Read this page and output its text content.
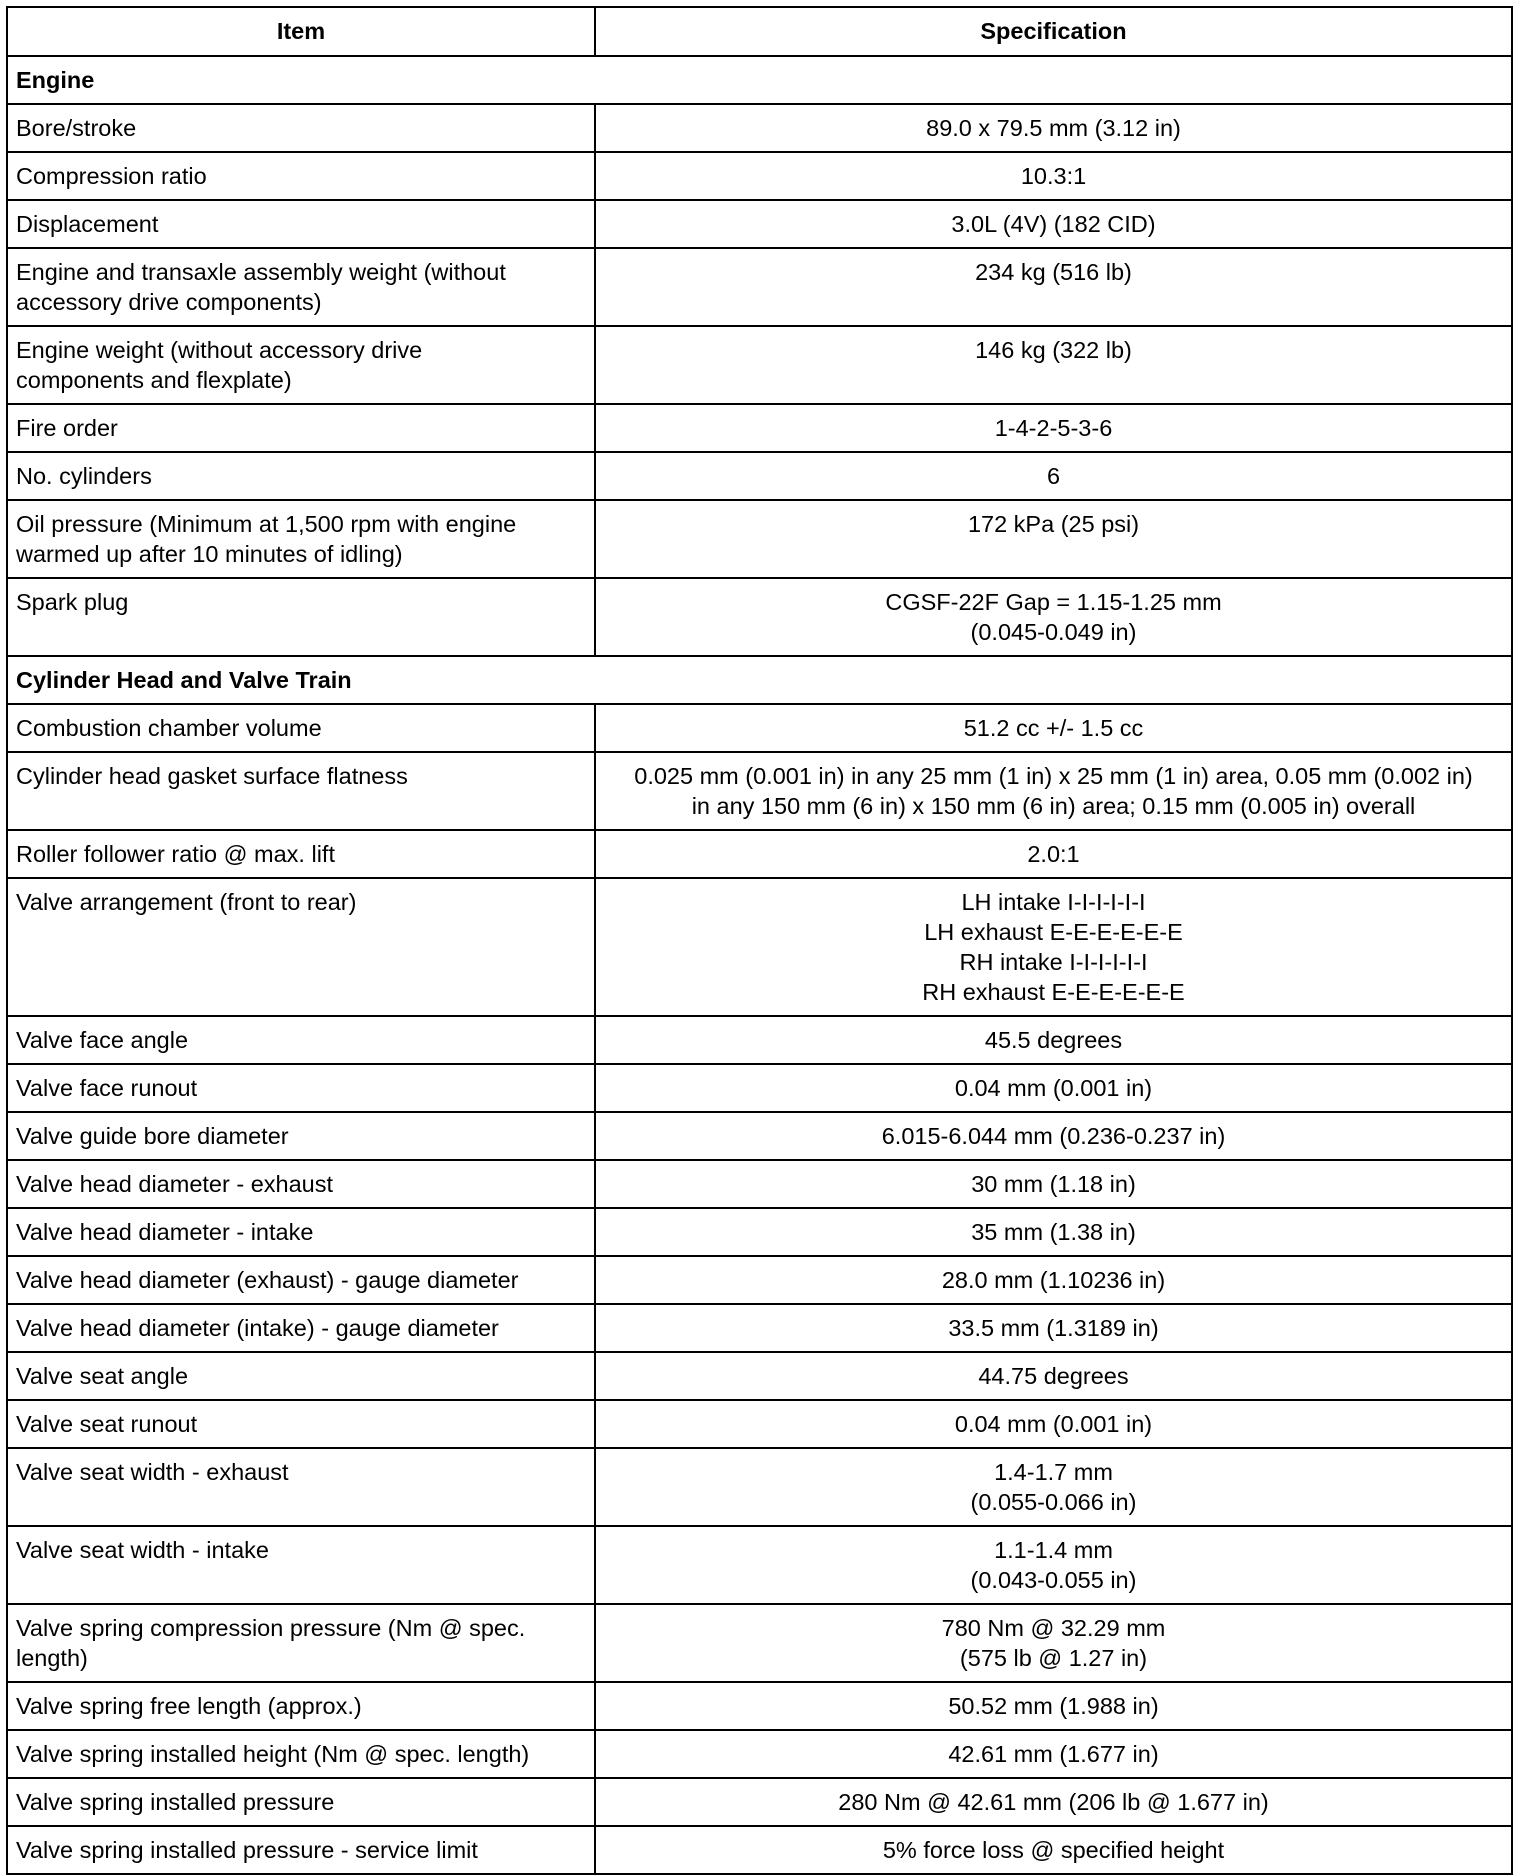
Item	Specification
Engine	

Bore/stroke	89.0 x 79.5 mm (3.12 in)

Compression ratio	10.3:1

Displacement	3.0L (4V) (182 CID)

Engine and transaxle assembly weight (without
accessory drive components)	234 kg (516 lb)

Engine weight (without accessory drive
components and flexplate)	146 kg (322 lb)

Fire order	1-4-2-5-3-6

No. cylinders	6

Oil pressure (Minimum at 1,500 rpm with engine
warmed up after 10 minutes of idling)	172 kPa (25 psi)

Spark plug	CGSF-22F Gap = 1.15-1.25 mm
(0.045-0.049 in)

Cylinder Head and Valve Train	

Combustion chamber volume	51.2 cc +/- 1.5 cc

Cylinder head gasket surface flatness	0.025 mm (0.001 in) in any 25 mm (1 in) x 25 mm (1 in) area, 0.05 mm (0.002 in)
in any 150 mm (6 in) x 150 mm (6 in) area; 0.15 mm (0.005 in) overall

Roller follower ratio @ max. lift	2.0:1

Valve arrangement (front to rear)	LH intake I-I-I-I-I-I
LH exhaust E-E-E-E-E-E
RH intake I-I-I-I-I-I
RH exhaust E-E-E-E-E-E

Valve face angle	45.5 degrees

Valve face runout	0.04 mm (0.001 in)

Valve guide bore diameter	6.015-6.044 mm (0.236-0.237 in)

Valve head diameter - exhaust	30 mm (1.18 in)

Valve head diameter - intake	35 mm (1.38 in)

Valve head diameter (exhaust) - gauge diameter	28.0 mm (1.10236 in)

Valve head diameter (intake) - gauge diameter	33.5 mm (1.3189 in)

Valve seat angle	44.75 degrees

Valve seat runout	0.04 mm (0.001 in)

Valve seat width - exhaust	1.4-1.7 mm
(0.055-0.066 in)

Valve seat width - intake	1.1-1.4 mm
(0.043-0.055 in)

Valve spring compression pressure (Nm @ spec.
length)	780 Nm @ 32.29 mm
(575 lb @ 1.27 in)

Valve spring free length (approx.)	50.52 mm (1.988 in)

Valve spring installed height (Nm @ spec. length)	42.61 mm (1.677 in)

Valve spring installed pressure	280 Nm @ 42.61 mm (206 lb @ 1.677 in)

Valve spring installed pressure - service limit	5% force loss @ specified height
